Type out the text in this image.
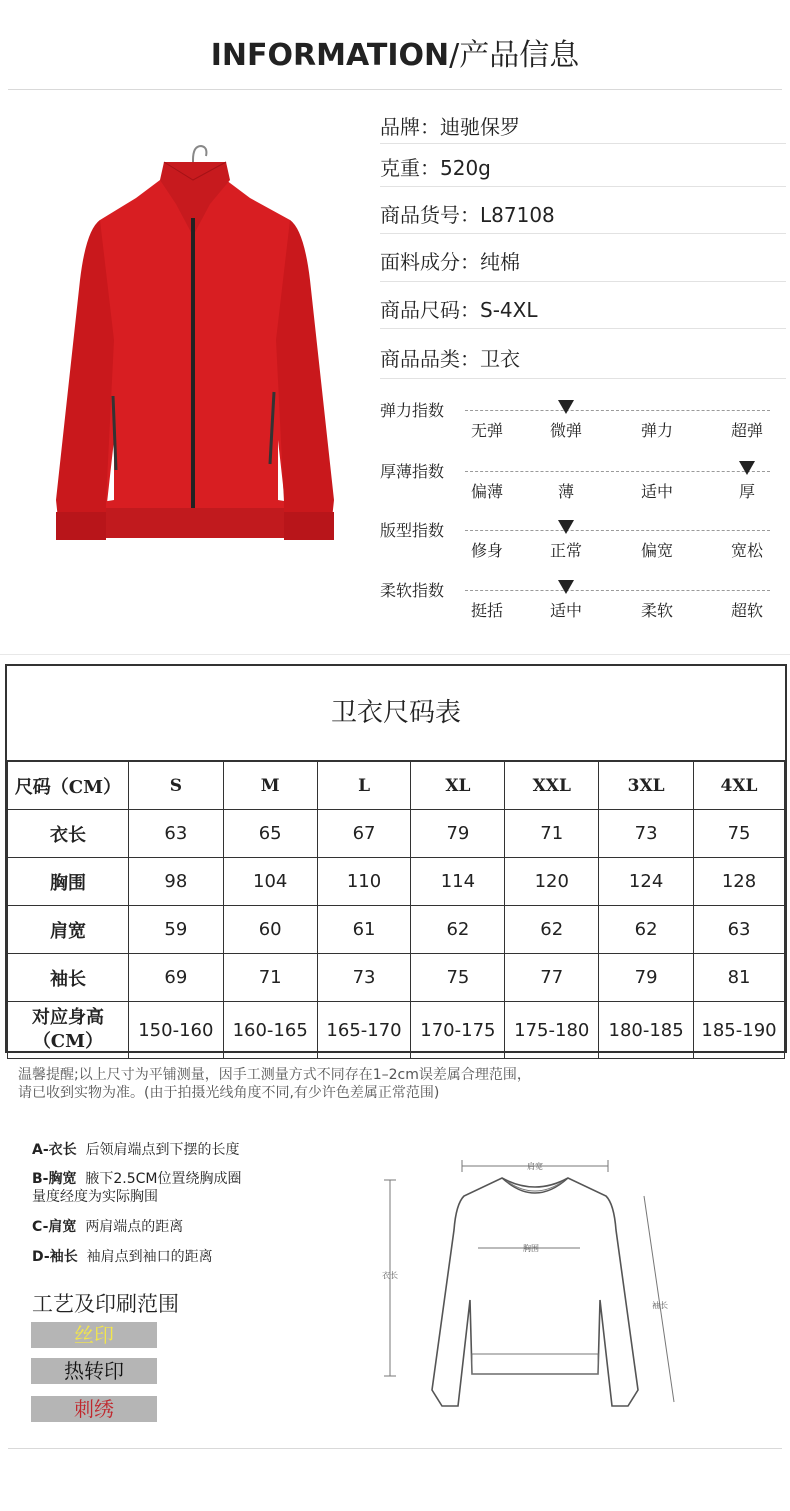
INFORMATION/产品信息
品牌：迪驰保罗
克重：520g
商品货号：L87108
面料成分：纯棉
商品尺码：S-4XL
商品品类：卫衣
弹力指数
无弹	微弹	弹力	超弹
厚薄指数
偏薄	薄	适中	厚
版型指数
修身	正常	偏宽	宽松
柔软指数
挺括	适中	柔软	超软
卫衣尺码表
尺码（CM）	S	M	L	XL	XXL	3XL	4XL
衣长	63	65	67	79	71	73	75
胸围	98	104	110	114	120	124	128
肩宽	59	60	61	62	62	62	63
袖长	69	71	73	75	77	79	81

对应身高
（CM）	150-160	160-165	165-170	170-175	175-180	180-185	185-190
温馨提醒;以上尺寸为平铺测量，因手工测量方式不同存在1–2cm误差属合理范围，
请已收到实物为准。(由于拍摄光线角度不同,有少许色差属正常范围)
A-衣长 后领肩端点到下摆的长度
B-胸宽 腋下2.5CM位置绕胸成圈
量度经度为实际胸围
C-肩宽 两肩端点的距离
D-袖长 袖肩点到袖口的距离
工艺及印刷范围
丝印
热转印
刺绣
肩宽
胸围
衣长
袖长
